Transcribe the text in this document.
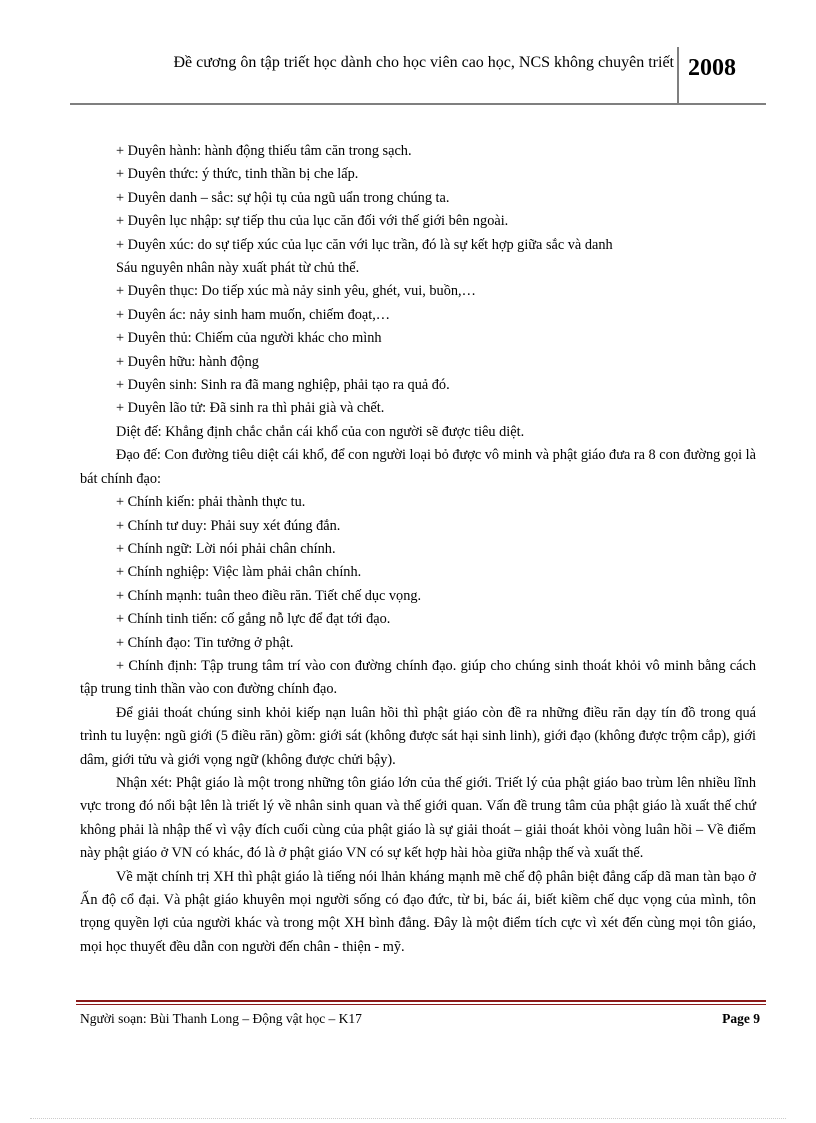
Đề cương ôn tập triết học dành cho học viên cao học, NCS không chuyên triết 2008

+ Duyên hành: hành động thiếu tâm căn trong sạch.

+ Duyên thức: ý thức, tinh thần bị che lấp.

+ Duyên danh – sắc: sự hội tụ của ngũ uẩn trong chúng ta.

+ Duyên lục nhập: sự tiếp thu của lục căn đối với thế giới bên ngoài.

+ Duyên xúc: do sự tiếp xúc của lục căn với lục trần, đó là sự kết hợp giữa sắc và danh

Sáu nguyên nhân này xuất phát từ chủ thể.

+ Duyên thục: Do tiếp xúc mà nảy sinh yêu, ghét, vui, buồn,…

+ Duyên ác: nảy sinh ham muốn, chiếm đoạt,…

+ Duyên thủ: Chiếm của người khác cho mình

+ Duyên hữu: hành động

+ Duyên sinh: Sinh ra đã mang nghiệp, phải tạo ra quả đó.

+ Duyên lão tử: Đã sinh ra thì phải già và chết.

Diệt đế: Khẳng định chắc chắn cái khổ của con người sẽ được tiêu diệt.

Đạo đế: Con đường tiêu diệt cái khổ, để con người loại bỏ được vô minh và phật giáo đưa ra 8 con đường gọi là bát chính đạo:

+ Chính kiến: phải thành thực tu.

+ Chính tư duy: Phải suy xét đúng đắn.

+ Chính ngữ: Lời nói phải chân chính.

+ Chính nghiệp: Việc làm phải chân chính.

+ Chính mạnh: tuân theo điều răn. Tiết chế dục vọng.

+ Chính tinh tiến: cố gắng nỗ lực để đạt tới đạo.

+ Chính đạo: Tin tưởng ở phật.

+ Chính định: Tập trung tâm trí vào con đường chính đạo. giúp cho chúng sinh thoát khỏi vô minh bằng cách tập trung tinh thần vào con đường chính đạo.

Để giải thoát chúng sinh khỏi kiếp nạn luân hồi thì phật giáo còn đề ra những điều răn dạy tín đồ trong quá trình tu luyện: ngũ giới (5 điều răn) gồm: giới sát (không được sát hại sinh linh), giới đạo (không được trộm cắp), giới dâm, giới tửu và giới vọng ngữ (không được chửi bậy).

Nhận xét: Phật giáo là một trong những tôn giáo lớn của thế giới. Triết lý của phật giáo bao trùm lên nhiều lĩnh vực trong đó nổi bật lên là triết lý về nhân sinh quan và thế giới quan. Vấn đề trung tâm của phật giáo là xuất thế chứ không phải là nhập thế vì vậy đích cuối cùng của phật giáo là sự giải thoát – giải thoát khỏi vòng luân hồi – Về điểm này phật giáo ở VN có khác, đó là ở phật giáo VN có sự kết hợp hài hòa giữa nhập thế và xuất thế.

Về mặt chính trị XH thì phật giáo là tiếng nói lhản kháng mạnh mẽ chế độ phân biệt đẳng cấp dã man tàn bạo ở Ấn độ cổ đại. Và phật giáo khuyên mọi người sống có đạo đức, từ bi, bác ái, biết kiềm chế dục vọng của mình, tôn trọng quyền lợi của người khác và trong một XH bình đẳng. Đây là một điểm tích cực vì xét đến cùng mọi tôn giáo, mọi học thuyết đều dẫn con người đến chân - thiện - mỹ.

Người soạn: Bùi Thanh Long – Động vật học – K17	Page 9
